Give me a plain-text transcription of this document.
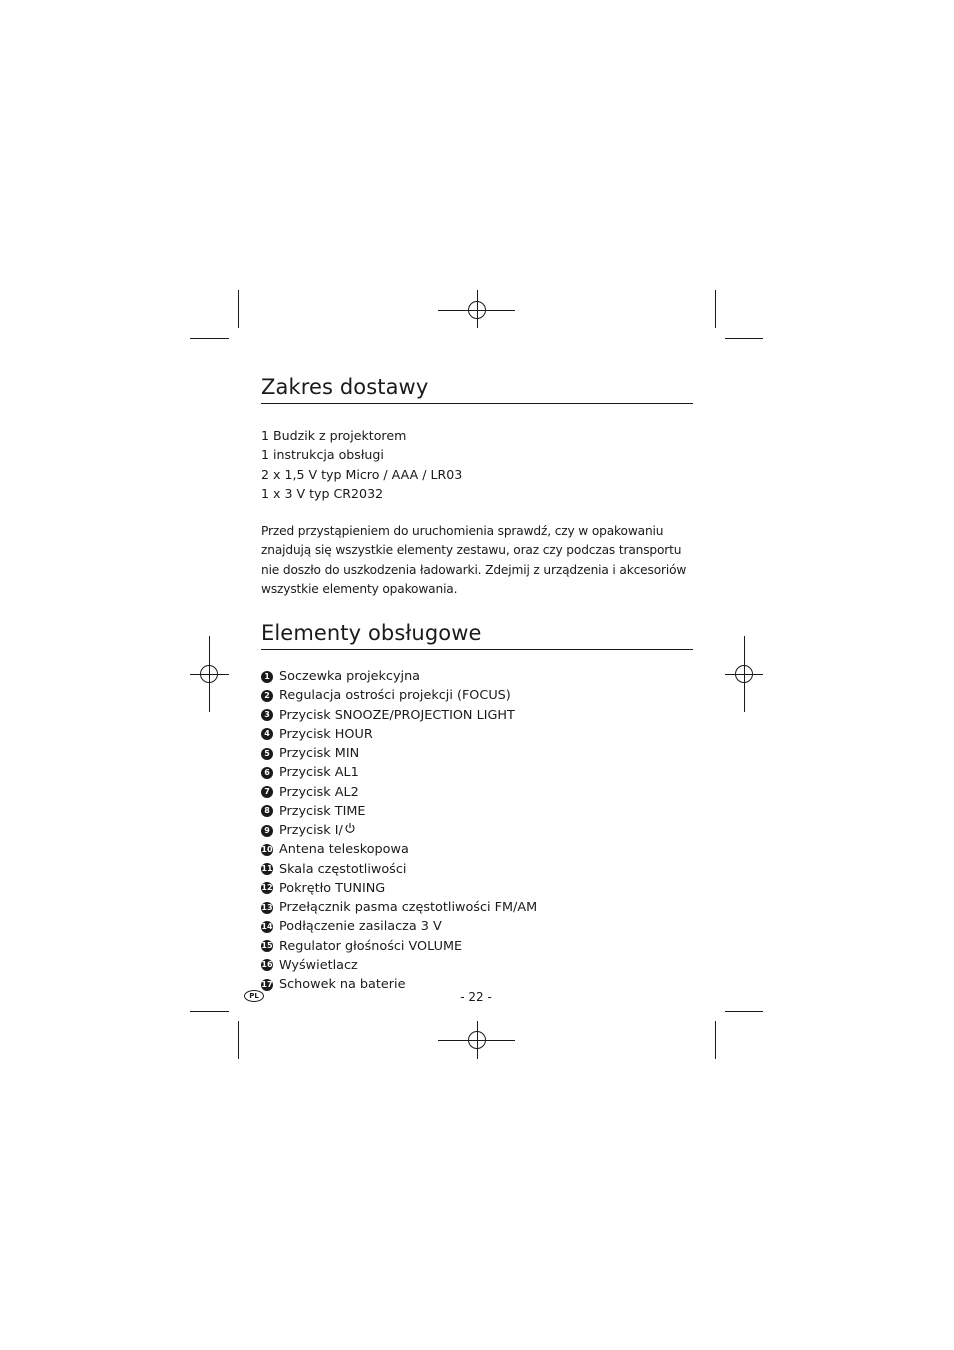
Zakres dostawy
1 Budzik z projektorem
1 instrukcja obsługi
2 x 1,5 V typ Micro / AAA / LR03
1 x 3 V typ CR2032

Przed przystąpieniem do uruchomienia sprawdź, czy w opakowaniu znajdują się wszystkie elementy zestawu, oraz czy podczas transportu nie doszło do uszkodzenia ładowarki. Zdejmij z urządzenia i akcesoriów wszystkie elementy opakowania.

Elementy obsługowe
1 Soczewka projekcyjna
2 Regulacja ostrości projekcji (FOCUS)
3 Przycisk SNOOZE/PROJECTION LIGHT
4 Przycisk HOUR
5 Przycisk MIN
6 Przycisk AL1
7 Przycisk AL2
8 Przycisk TIME
9 Przycisk I/
10 Antena teleskopowa
11 Skala częstotliwości
12 Pokrętło TUNING
13 Przełącznik pasma częstotliwości FM/AM
14 Podłączenie zasilacza 3 V
15 Regulator głośności VOLUME
16 Wyświetlacz
17 Schowek na baterie
PL	- 22 -
